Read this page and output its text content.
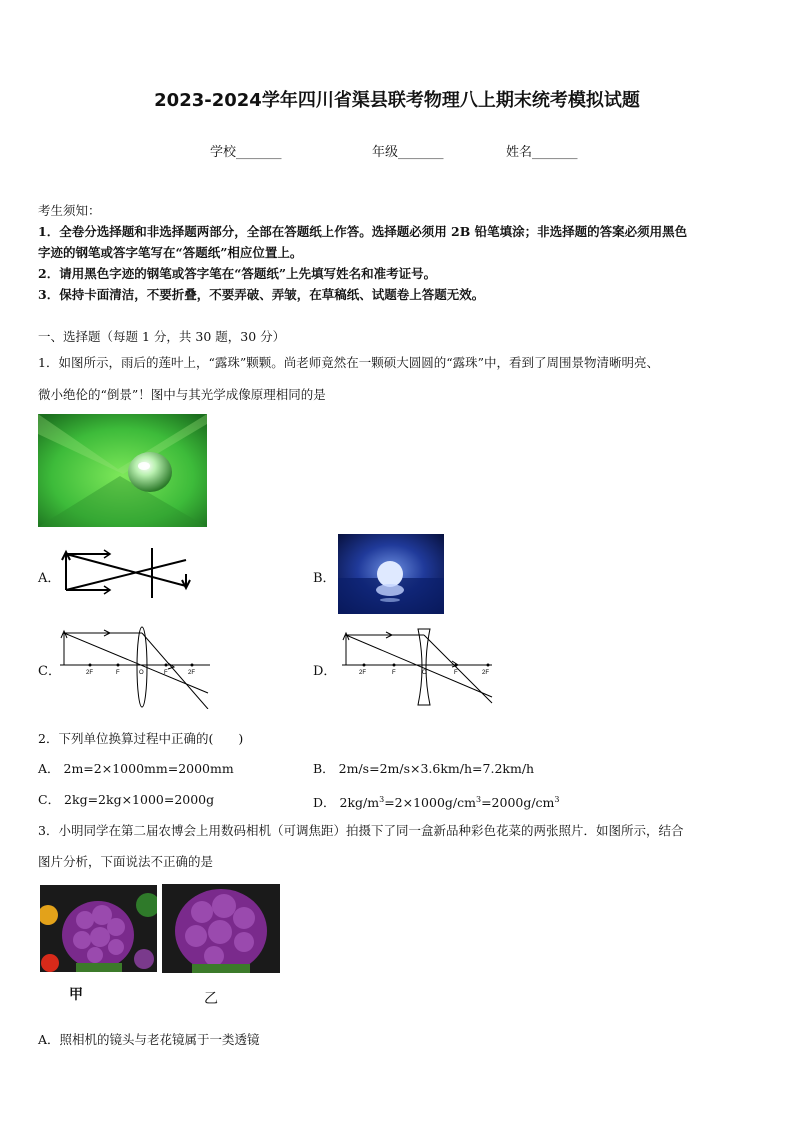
2023-2024学年四川省渠县联考物理八上期末统考模拟试题
学校_______	年级_______	姓名_______
考生须知：
1．全卷分选择题和非选择题两部分，全部在答题纸上作答。选择题必须用 2B 铅笔填涂；非选择题的答案必须用黑色
字迹的钢笔或答字笔写在“答题纸”相应位置上。
2．请用黑色字迹的钢笔或答字笔在“答题纸”上先填写姓名和准考证号。
3．保持卡面清洁，不要折叠，不要弄破、弄皱，在草稿纸、试题卷上答题无效。
一、选择题（每题 1 分，共 30 题，30 分）
1．如图所示，雨后的莲叶上，“露珠”颗颗。尚老师竟然在一颗硕大圆圆的“露珠”中，看到了周围景物清晰明亮、
微小绝伦的“倒景”！图中与其光学成像原理相同的是
A．	B．
C．	2F	F	O	F	2F	D．	2F	F	O	F	2F
2．下列单位换算过程中正确的(　　)
A． 2m=2×1000mm=2000mm	B． 2m/s=2m/s×3.6km/h=7.2km/h
C． 2kg=2kg×1000=2000g	D． $2kg/m^3=2\times 1000g/cm^3=2000g/cm^3$
3．小明同学在第二届农博会上用数码相机（可调焦距）拍摄下了同一盒新品种彩色花菜的两张照片．如图所示，结合
图片分析，下面说法不正确的是
甲	乙
A．照相机的镜头与老花镜属于一类透镜
